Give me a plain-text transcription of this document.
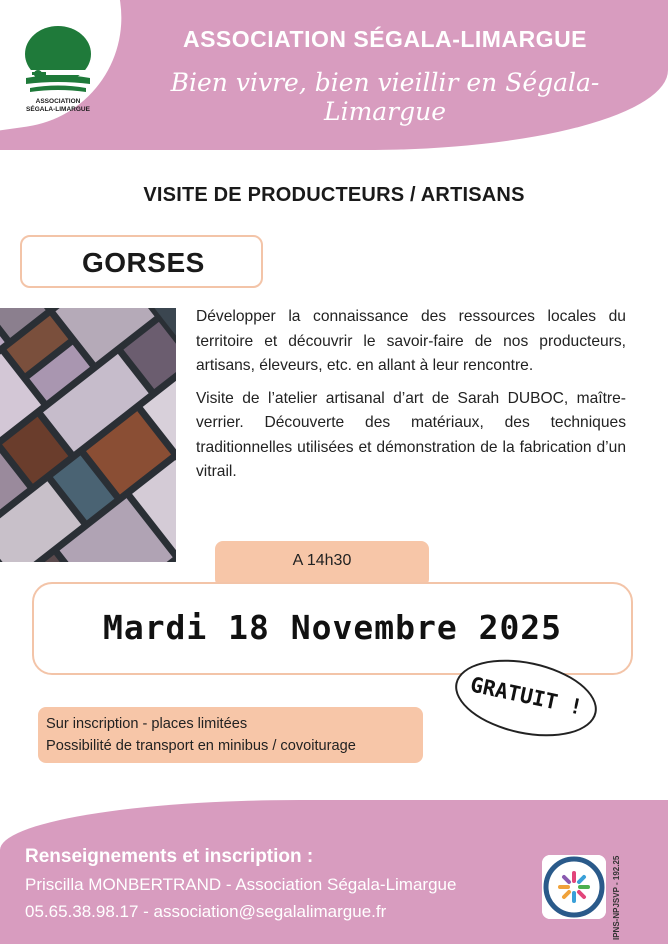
ASSOCIATION
SÉGALA-LIMARGUE
ASSOCIATION SÉGALA-LIMARGUE
Bien vivre, bien vieillir en Ségala-Limargue
VISITE DE PRODUCTEURS / ARTISANS
GORSES

Développer la connaissance des ressources locales du territoire et découvrir le savoir-faire de nos producteurs, artisans, éleveurs, etc. en allant à leur rencontre.

Visite de l’atelier artisanal d’art de Sarah DUBOC, maître-verrier. Découverte des matériaux, des techniques traditionnelles utilisées et démonstration de la fabrication d’un vitrail.

A 14h30
Mardi 18 Novembre 2025
GRATUIT !
Sur inscription - places limitées
Possibilité de transport en minibus / covoiturage
Renseignements et inscription :
Priscilla MONBERTRAND - Association Ségala-Limargue
05.65.38.98.17 - association@segalalimargue.fr	IPNS-NPJSVP - 192.25
